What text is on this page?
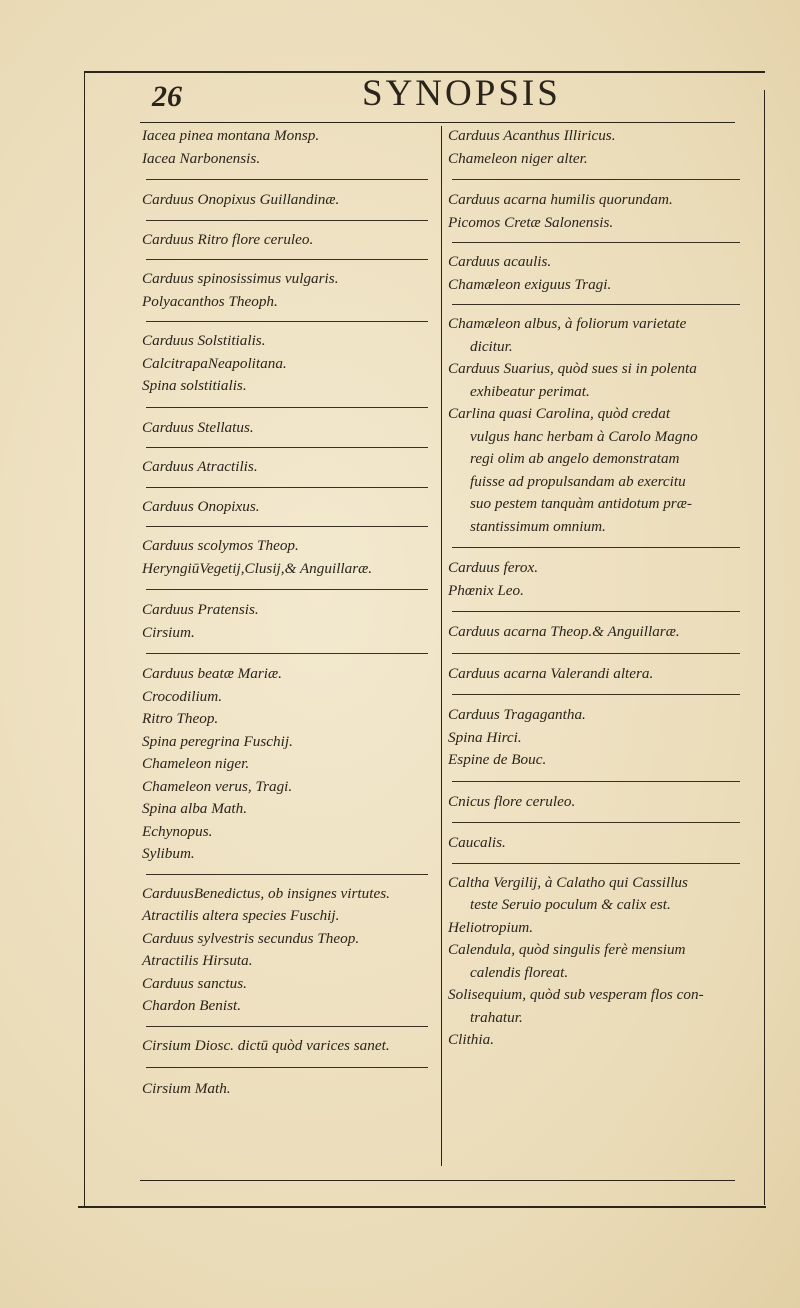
26	SYNOPSIS
Iacea pinea montana Monsp.
Iacea Narbonensis.
Carduus Onopixus Guillandinæ.
Carduus Ritro flore ceruleo.
Carduus spinosissimus vulgaris.
Polyacanthos Theoph.
Carduus Solstitialis.
CalcitrapaNeapolitana.
Spina solstitialis.
Carduus Stellatus.
Carduus Atractilis.
Carduus Onopixus.
Carduus scolymos Theop.
HeryngiūVegetij,Clusij,& Anguillaræ.
Carduus Pratensis.
Cirsium.
Carduus beatæ Mariæ.
Crocodilium.
Ritro Theop.
Spina peregrina Fuschij.
Chameleon niger.
Chameleon verus, Tragi.
Spina alba Math.
Echynopus.
Sylibum.
CarduusBenedictus, ob insignes virtutes.
Atractilis altera species Fuschij.
Carduus sylvestris secundus Theop.
Atractilis Hirsuta.
Carduus sanctus.
Chardon Benist.
Cirsium Diosc. dictū quòd varices sanet.
Cirsium Math.
Carduus Acanthus Illiricus.
Chameleon niger alter.
Carduus acarna humilis quorundam.
Picomos Cretæ Salonensis.
Carduus acaulis.
Chamæleon exiguus Tragi.
Chamæleon albus, à foliorum varietate
dicitur.
Carduus Suarius, quòd sues si in polenta
exhibeatur perimat.
Carlina quasi Carolina, quòd credat
vulgus hanc herbam à Carolo Magno
regi olim ab angelo demonstratam
fuisse ad propulsandam ab exercitu
suo pestem tanquàm antidotum præ-
stantissimum omnium.
Carduus ferox.
Phœnix Leo.
Carduus acarna Theop.& Anguillaræ.
Carduus acarna Valerandi altera.
Carduus Tragagantha.
Spina Hirci.
Espine de Bouc.
Cnicus flore ceruleo.
Caucalis.
Caltha Vergilij, à Calatho qui Cassillus
teste Seruio poculum & calix est.
Heliotropium.
Calendula, quòd singulis ferè mensium
calendis floreat.
Solisequium, quòd sub vesperam flos con-
trahatur.
Clithia.
